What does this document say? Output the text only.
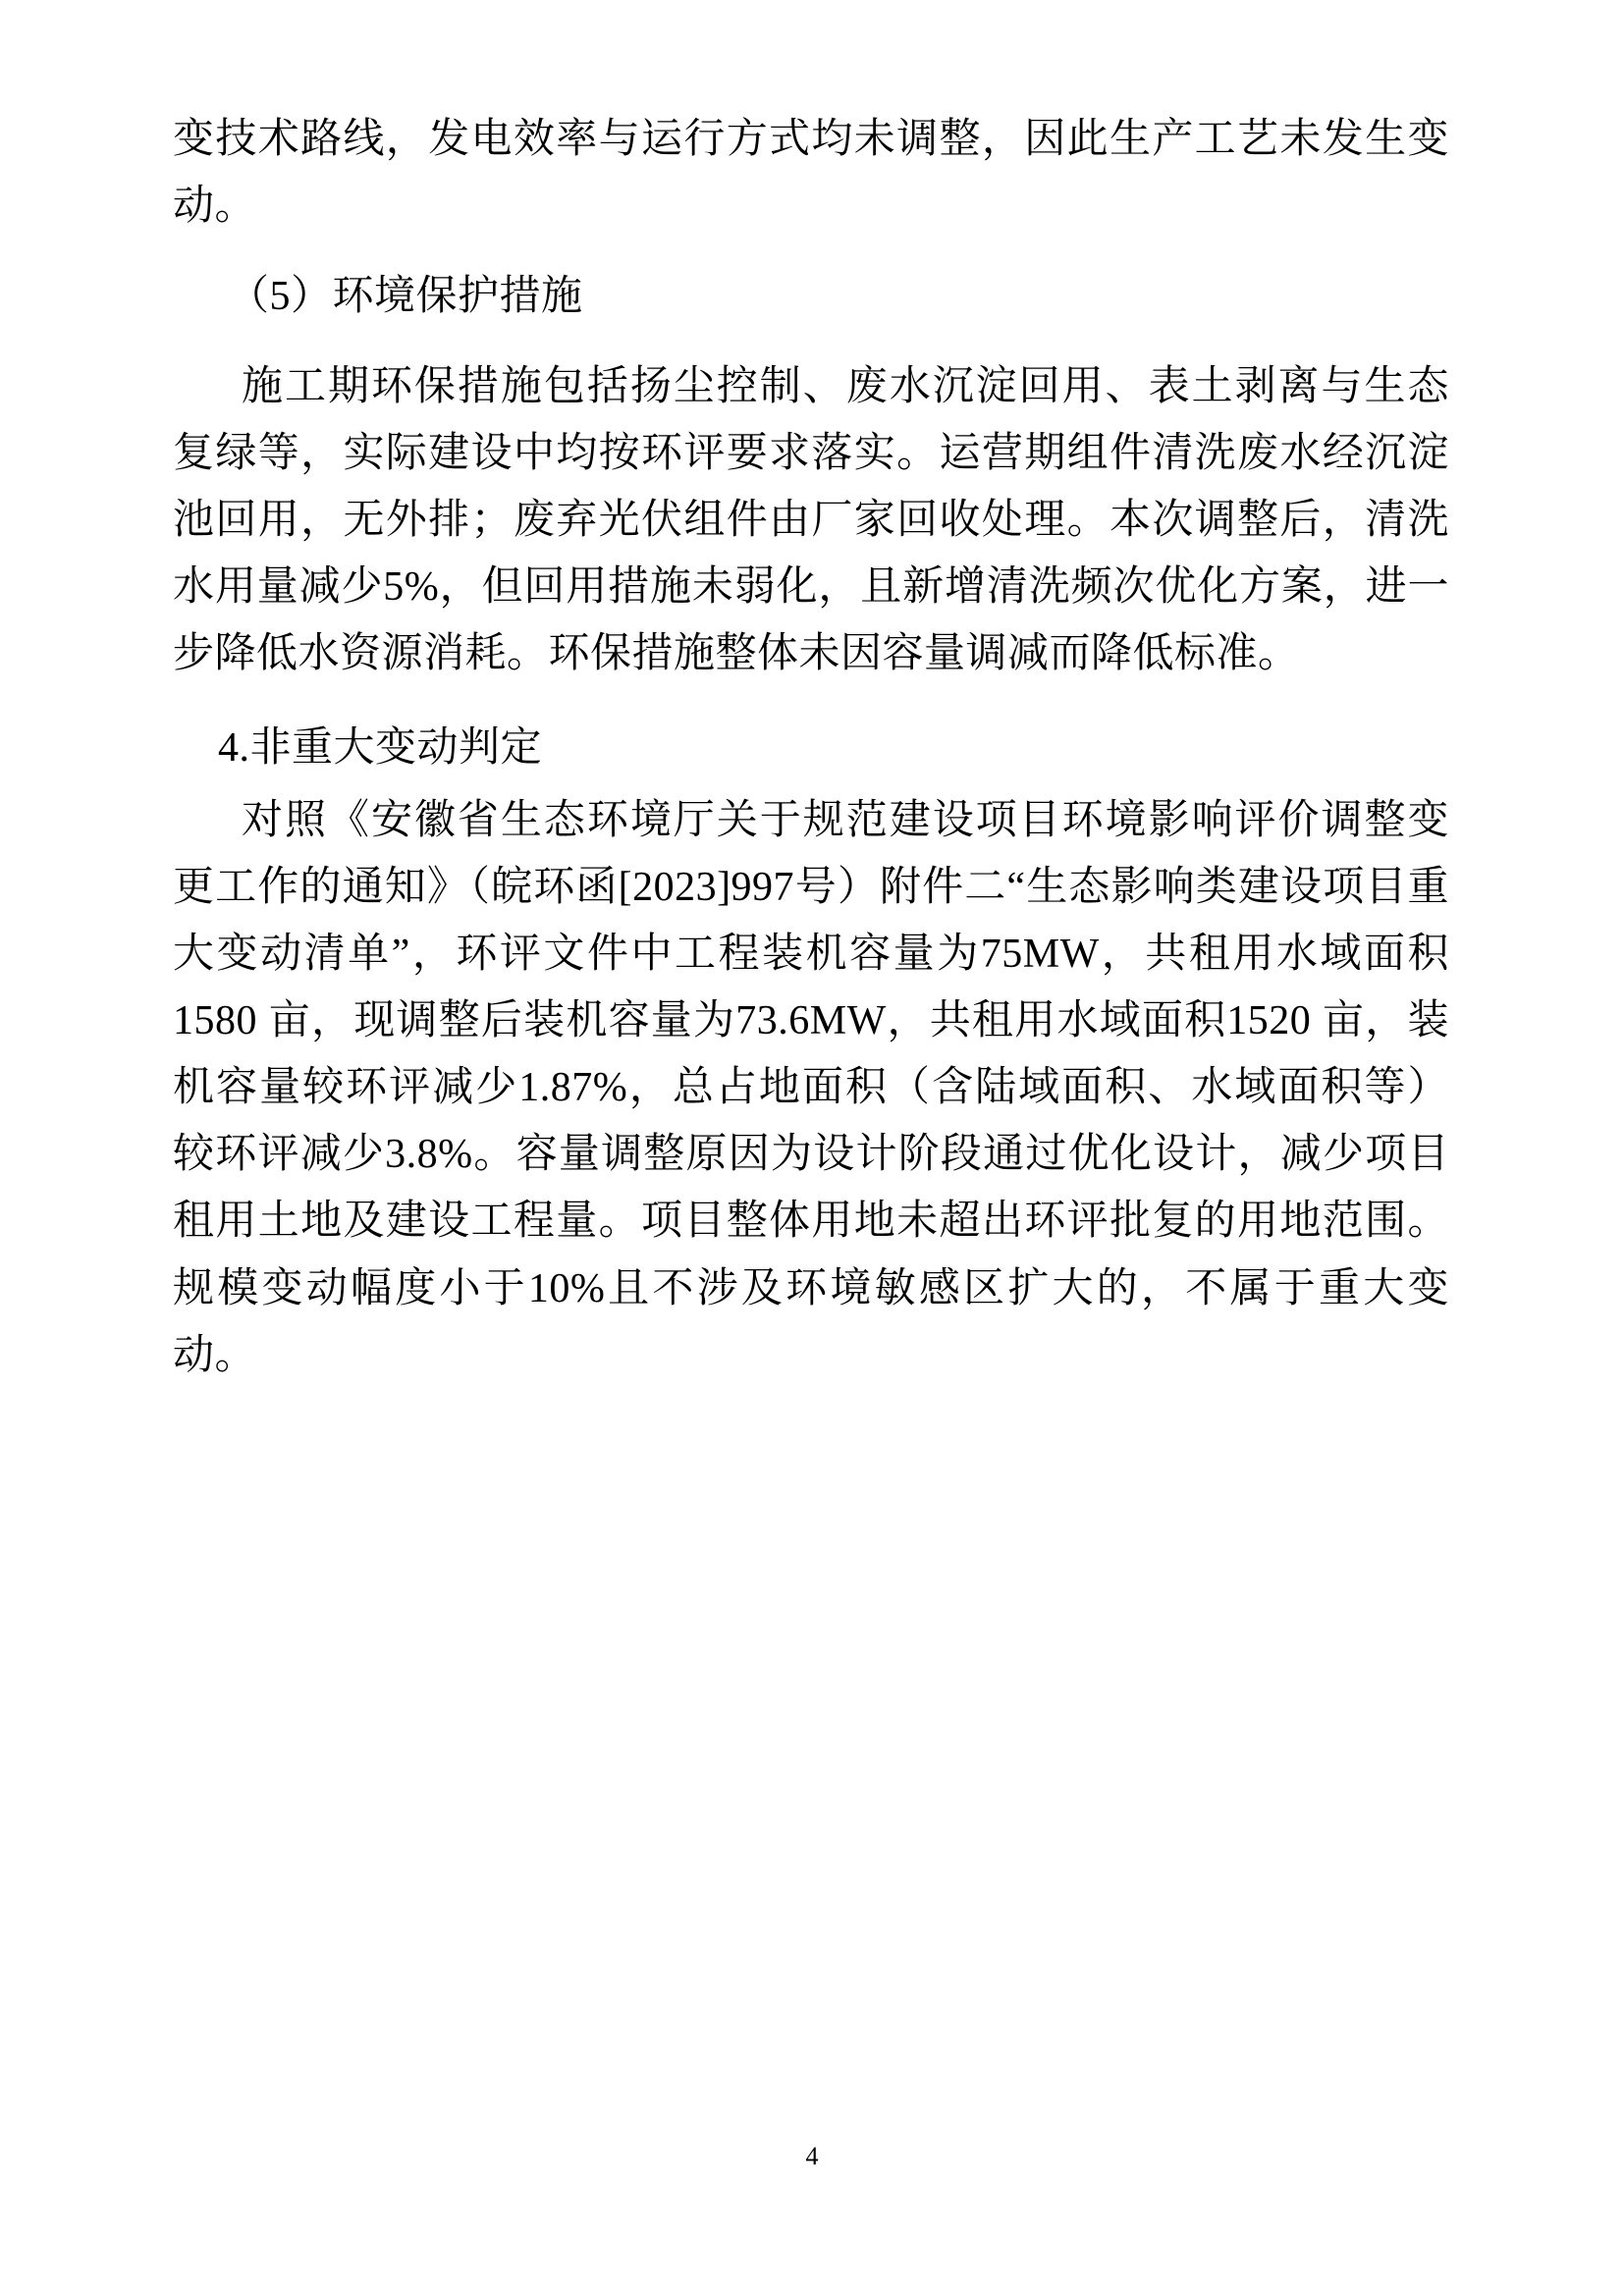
变技术路线，发电效率与运行方式均未调整，因此生产工艺未发生变动。

（5）环境保护措施

施工期环保措施包括扬尘控制、废水沉淀回用、表土剥离与生态复绿等，实际建设中均按环评要求落实。运营期组件清洗废水经沉淀池回用，无外排；废弃光伏组件由厂家回收处理。本次调整后，清洗水用量减少5%，但回用措施未弱化，且新增清洗频次优化方案，进一步降低水资源消耗。环保措施整体未因容量调减而降低标准。

4.非重大变动判定

对照《安徽省生态环境厅关于规范建设项目环境影响评价调整变更工作的通知》（皖环函[2023]997号）附件二“生态影响类建设项目重大变动清单”，环评文件中工程装机容量为75MW，共租用水域面积1580 亩，现调整后装机容量为73.6MW，共租用水域面积1520 亩，装机容量较环评减少1.87%，总占地面积（含陆域面积、水域面积等）较环评减少3.8%。容量调整原因为设计阶段通过优化设计，减少项目租用土地及建设工程量。项目整体用地未超出环评批复的用地范围。规模变动幅度小于10%且不涉及环境敏感区扩大的，不属于重大变动。

4
